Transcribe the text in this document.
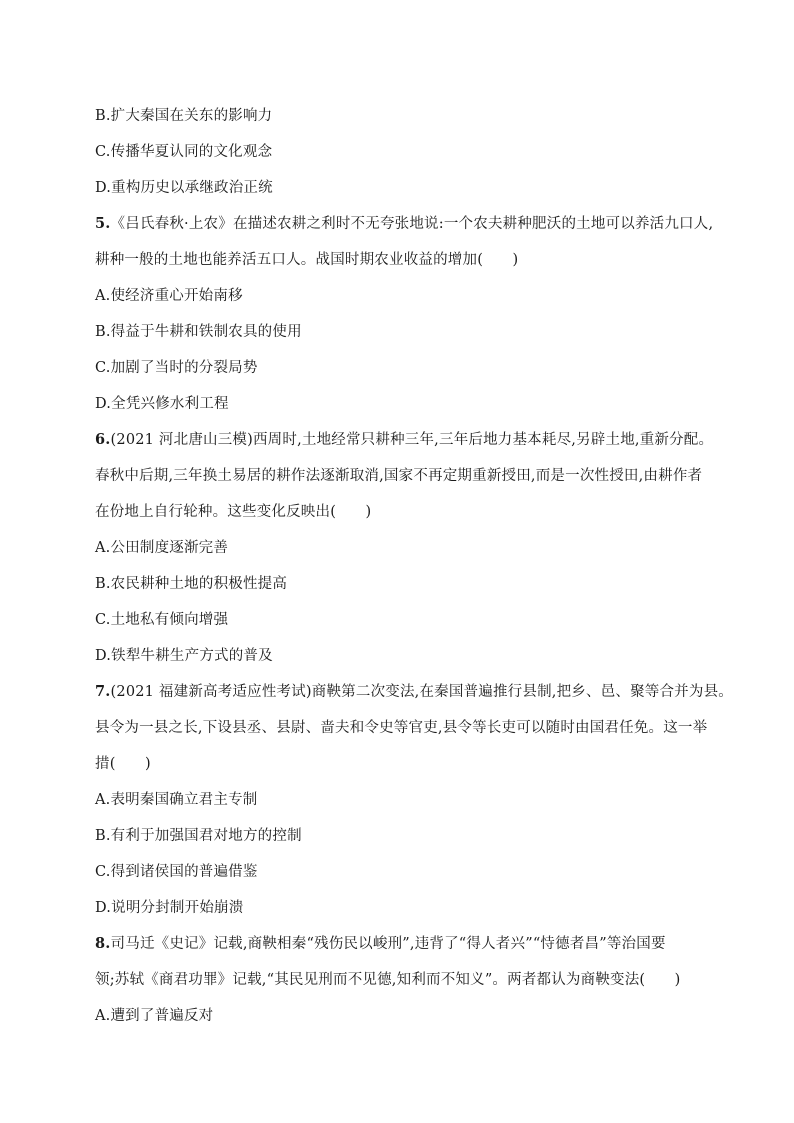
B.扩大秦国在关东的影响力
C.传播华夏认同的文化观念
D.重构历史以承继政治正统
5.《吕氏春秋·上农》在描述农耕之利时不无夸张地说:一个农夫耕种肥沃的土地可以养活九口人,
耕种一般的土地也能养活五口人。战国时期农业收益的增加(　　)
A.使经济重心开始南移
B.得益于牛耕和铁制农具的使用
C.加剧了当时的分裂局势
D.全凭兴修水利工程
6.(2021 河北唐山三模)西周时,土地经常只耕种三年,三年后地力基本耗尽,另辟土地,重新分配。
春秋中后期,三年换土易居的耕作法逐渐取消,国家不再定期重新授田,而是一次性授田,由耕作者
在份地上自行轮种。这些变化反映出(　　)
A.公田制度逐渐完善
B.农民耕种土地的积极性提高
C.土地私有倾向增强
D.铁犁牛耕生产方式的普及
7.(2021 福建新高考适应性考试)商鞅第二次变法,在秦国普遍推行县制,把乡、邑、聚等合并为县。
县令为一县之长,下设县丞、县尉、啬夫和令史等官吏,县令等长吏可以随时由国君任免。这一举
措(　　)
A.表明秦国确立君主专制
B.有利于加强国君对地方的控制
C.得到诸侯国的普遍借鉴
D.说明分封制开始崩溃
8.司马迁《史记》记载,商鞅相秦“残伤民以峻刑”,违背了“得人者兴”“恃德者昌”等治国要
领;苏轼《商君功罪》记载,“其民见刑而不见德,知利而不知义”。两者都认为商鞅变法(　　)
A.遭到了普遍反对
